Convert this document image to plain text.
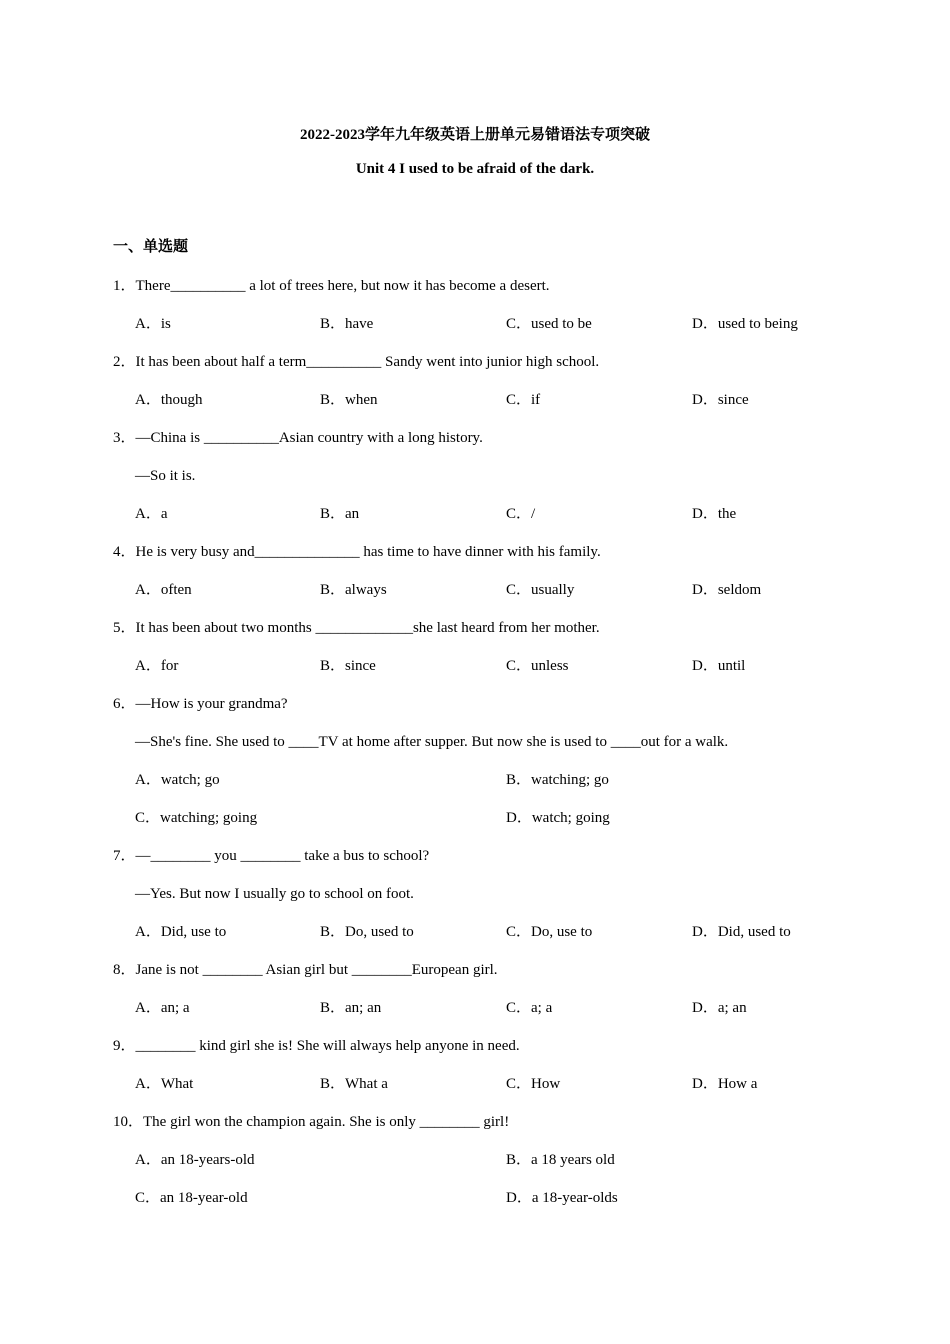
2022-2023学年九年级英语上册单元易错语法专项突破
Unit 4 I used to be afraid of the dark.
一、单选题
1．There__________ a lot of trees here, but now it has become a desert.
A．is	B．have	C．used to be	D．used to being
2．It has been about half a term__________ Sandy went into junior high school.
A．though	B．when	C．if	D．since
3．—China is __________Asian country with a long history.
—So it is.
A．a	B．an	C．/	D．the
4．He is very busy and______________ has time to have dinner with his family.
A．often	B．always	C．usually	D．seldom
5．It has been about two months _____________she last heard from her mother.
A．for	B．since	C．unless	D．until
6．—How is your grandma?
—She's fine. She used to ____TV at home after supper. But now she is used to ____out for a walk.
A．watch; go	B．watching; go
C．watching; going	D．watch; going
7．—________ you ________ take a bus to school?
—Yes. But now I usually go to school on foot.
A．Did, use to	B．Do, used to	C．Do, use to	D．Did, used to
8．Jane is not ________ Asian girl but ________European girl.
A．an; a	B．an; an	C．a; a	D．a; an
9．________ kind girl she is! She will always help anyone in need.
A．What	B．What a	C．How	D．How a
10．The girl won the champion again. She is only ________ girl!
A．an 18-years-old	B．a 18 years old
C．an 18-year-old	D．a 18-year-olds
